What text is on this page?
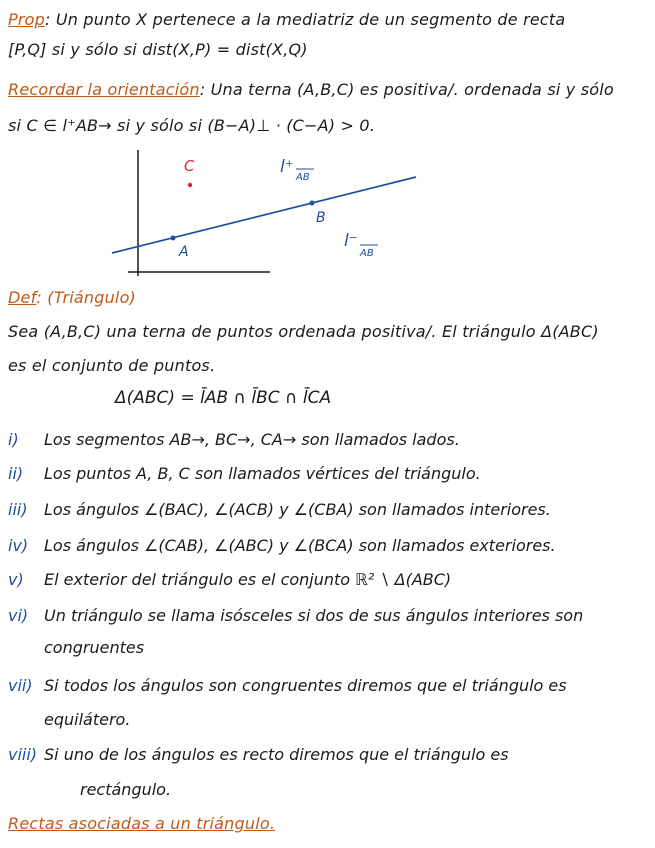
Prop: Un punto X pertenece a la mediatriz de un segmento de recta
[P,Q] si y sólo si dist(X,P) = dist(X,Q)
Recordar la orientación: Una terna (A,B,C) es positiva/. ordenada si y sólo
si C ∈ l⁺AB→ si y sólo si (B−A)⊥ · (C−A) > 0.
C
A
B
l⁺
AB
l⁻
AB
Def: (Triángulo)
Sea (A,B,C) una terna de puntos ordenada positiva/. El triángulo Δ(ABC)
es el conjunto de puntos.
Δ(ABC) = l̄AB ∩ l̄BC ∩ l̄CA
i) Los segmentos AB→, BC→, CA→ son llamados lados.
ii) Los puntos A, B, C son llamados vértices del triángulo.
iii) Los ángulos ∠(BAC), ∠(ACB) y ∠(CBA) son llamados interiores.
iv) Los ángulos ∠(CAB), ∠(ABC) y ∠(BCA) son llamados exteriores.
v) El exterior del triángulo es el conjunto ℝ² ∖ Δ(ABC)
vi) Un triángulo se llama isósceles si dos de sus ángulos interiores son
congruentes
vii) Si todos los ángulos son congruentes diremos que el triángulo es
equilátero.
viii) Si uno de los ángulos es recto diremos que el triángulo es
rectángulo.
Rectas asociadas a un triángulo.
